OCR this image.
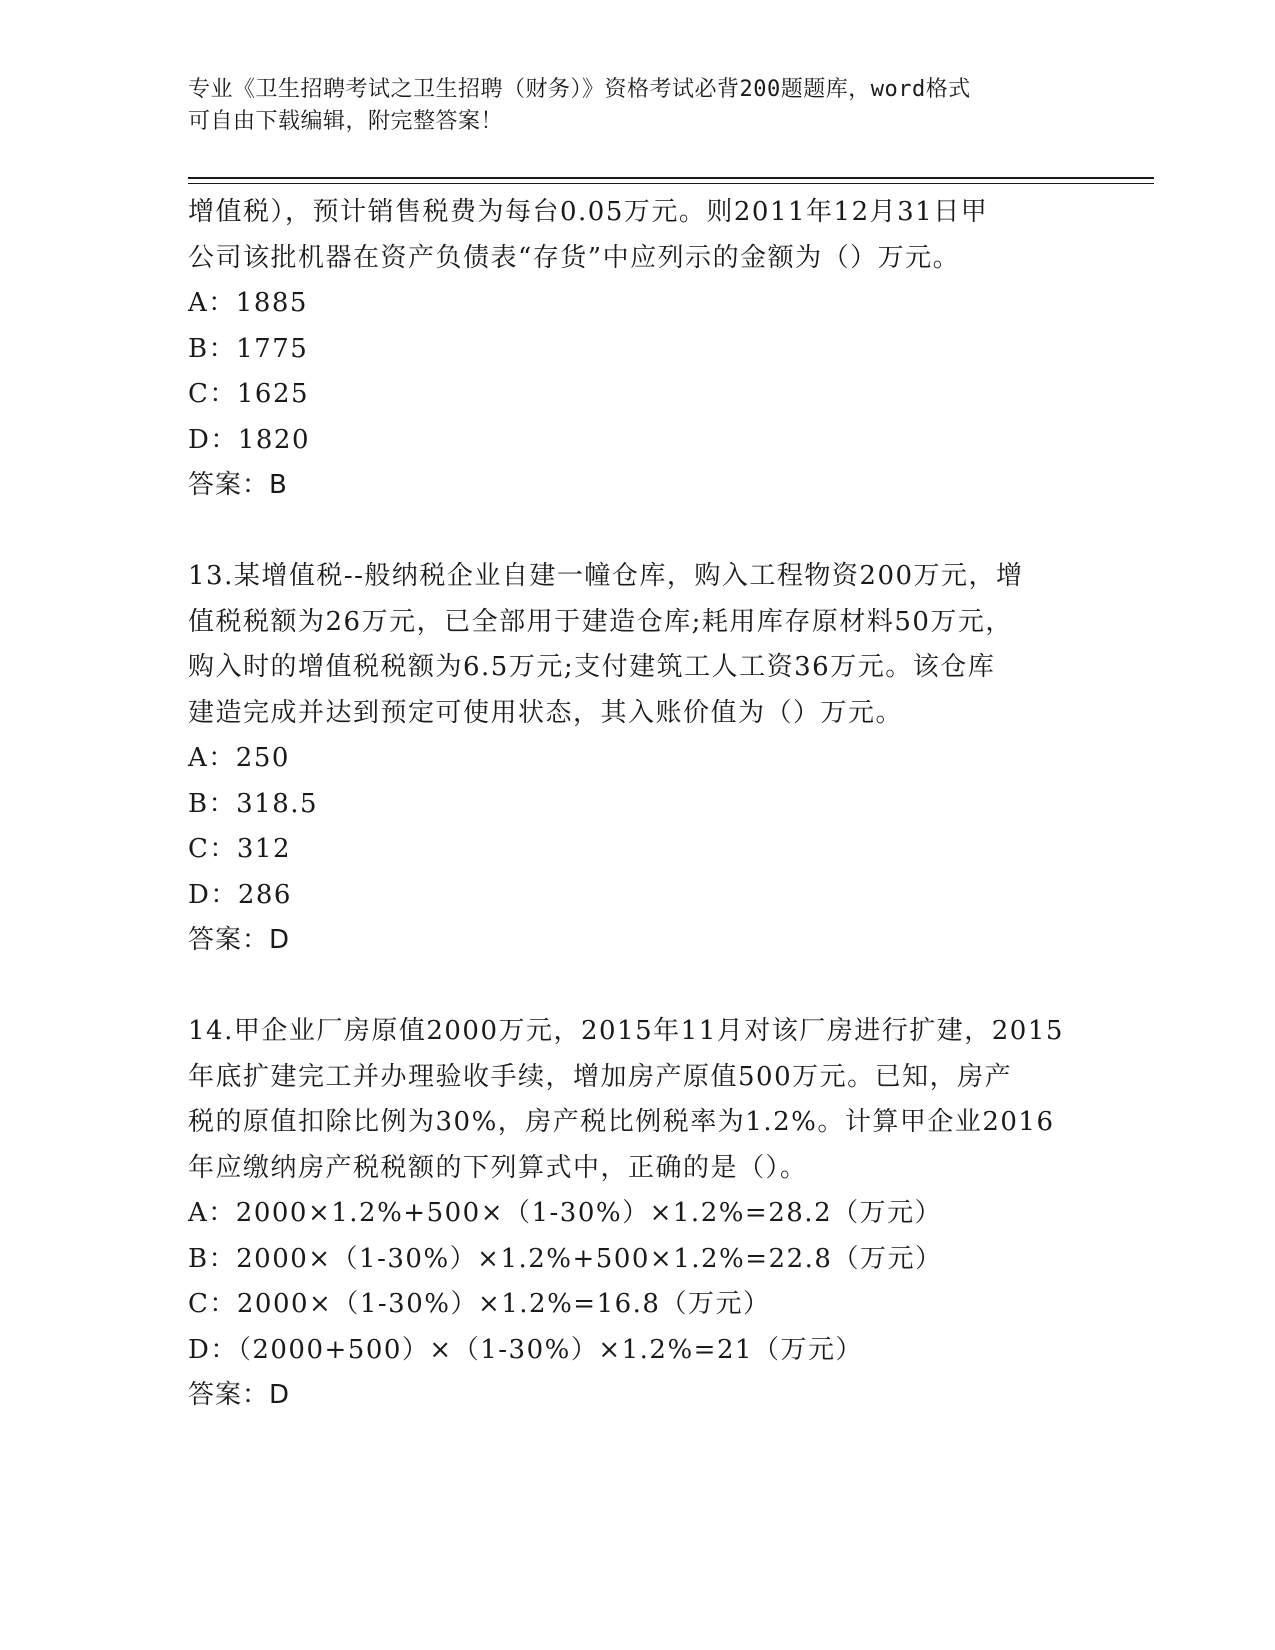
专业《卫生招聘考试之卫生招聘（财务）》资格考试必背200题题库，word格式
可自由下载编辑，附完整答案！
增值税），预计销售税费为每台0.05万元。则2011年12月31日甲
公司该批机器在资产负债表“存货”中应列示的金额为（）万元。
A：1885
B：1775
C：1625
D：1820
答案：B
13.某增值税--般纳税企业自建一幢仓库，购入工程物资200万元，增
值税税额为26万元，已全部用于建造仓库;耗用库存原材料50万元，
购入时的增值税税额为6.5万元;支付建筑工人工资36万元。该仓库
建造完成并达到预定可使用状态，其入账价值为（）万元。
A：250
B：318.5
C：312
D：286
答案：D
14.甲企业厂房原值2000万元，2015年11月对该厂房进行扩建，2015
年底扩建完工并办理验收手续，增加房产原值500万元。已知，房产
税的原值扣除比例为30%，房产税比例税率为1.2%。计算甲企业2016
年应缴纳房产税税额的下列算式中，正确的是（）。
A：2000×1.2%+500×（1-30%）×1.2%=28.2（万元）
B：2000×（1-30%）×1.2%+500×1.2%=22.8（万元）
C：2000×（1-30%）×1.2%=16.8（万元）
D：（2000+500）×（1-30%）×1.2%=21（万元）
答案：D
